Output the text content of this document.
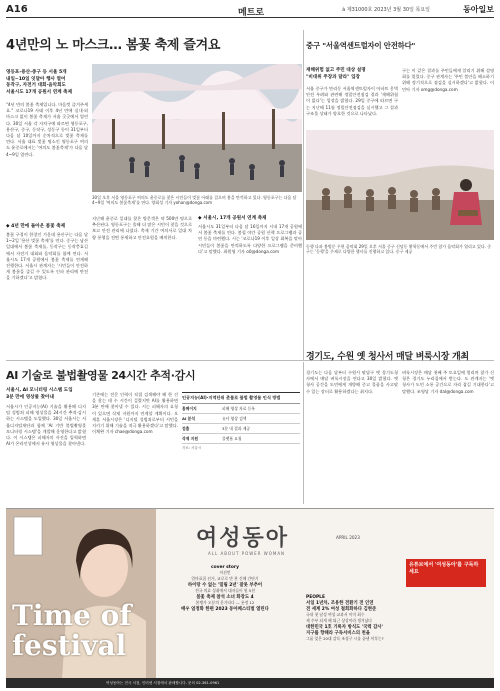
A16	메트로	à 제31000호 2023년 3월 30일 목요일	동아일보
4년만의 노 마스크… 봄꽃 축제 즐겨요
영등포-용산-중구 등 서울 5개
내일~10일 잇달아 행사 열어
동작구, 자전거 대회·음악회도
서울시도 17개 공원서 연계 축제
"4년 만의 봄꽃 축제입니다. 마음껏 즐겨주세요." 코로나19 사태 이후 4년 만에 실내·외 마스크 없이 봄꽃 축제가 서울 곳곳에서 열린다. 30일 서울 각 자치구에 따르면 영등포구, 용산구, 중구, 동작구, 성동구 등이 31일부터 다음 달 10일까지 순차적으로 벚꽃 축제를 연다. 서울 대표 벚꽃 명소인 영등포구 여의도 윤중로에서는 '여의도 봄꽃축제'가 다음 달 4~9일 열린다.
◆ 4년 만에 돌아온 봄꽃 축제
봄꽃 구경이 한창인 가운데 용산구는 다음 달 1~2일 '용산 벚꽃 축제'를 연다. 중구는 남산 일대에서 봄꽃 축제를, 동작구는 동작충효길에서 자전거 대회와 음악회를 함께 연다. 서울시도 17개 공원에서 봄꽃 축제를 연계해 진행한다. 서울시 관계자는 '시민들이 안전하게 봄꽃을 즐길 수 있도록 인파 관리에 만전을 기하겠다'고 밝혔다.
30일 오후 서울 영등포구 여의도 윤중로를 찾은 시민들이 벚꽃 아래를 걸으며 봄을 만끽하고 있다. 영등포구는 다음 달 4~9일 '여의도 봄꽃축제'를 연다. 양회성 기자 yohan@donga.com
지난해 윤중로 일대를 찾은 방문객은 약 500만 명으로 추산된다. 영등포구는 올해 더 많은 시민이 찾을 것으로 보고 안전 관리에 나섰다. 축제 기간 여의서로 일대 차량 통행을 전면 통제하고 안전요원을 배치한다.
◆ 서울시, 17개 공원서 연계 축제
서울시도 31일부터 다음 달 16일까지 시내 17개 공원에서 봄꽃 축제를 연다. 봄철 야간 공원 산책 프로그램과 공연 등을 마련했다. 시는 '코로나19 이후 일상 회복을 맞아 시민들이 봄꽃을 만끽하도록 다양한 프로그램을 준비했다'고 말했다. 최원영 기자 o0@donga.com
중구 "서울역센트럴자이 안전하다"
재해위험 없고 주민 대상 설명
"비대위 주장과 달라" 입장
서울 중구가 만리동 서울역센트럴자이 아파트 옹벽 안전 우려와 관련해 정밀안전점검 결과 '재해위험이 없다'는 입장을 밝혔다. 29일 중구에 따르면 구는 지난해 11월 정밀안전점검을 실시했고 그 결과 구조물 상태가 양호한 것으로 나타났다.
구는 이 같은 결과를 주민들에게 알리기 위해 설명회를 열었다. 중구 관계자는 '주민 불안을 해소하기 위해 정기적으로 점검을 실시하겠다'고 밝혔다. 이민아 기자 omg@donga.com
동행 다과 봄방문 우편 음악회 29일 오후 서울 중구 신당동 황학동에서 주민 참가 음악회가 열리고 있다. 중구는 '동행'을 주제로 다양한 행사를 진행하고 있다. 중구 제공
AI 기술로 불법촬영물 24시간 추적·감시
서울시, AI 모니터링 시스템 도입
3분 만에 영상물 찾아내
서울시가 인공지능(AI) 기술을 활용해 디지털 성범죄 피해 영상물을 24시간 추적·감시하는 시스템을 도입했다. 30일 서울시는 서울디지털재단과 함께 'AI 기반 불법촬영물 모니터링 시스템'을 개발해 운영한다고 밝혔다. 이 시스템은 피해자의 사진을 입력하면 AI가 온라인상에서 유사 영상물을 찾아낸다.
기존에는 전문 인력이 직접 검색해야 해 한 건을 찾는 데 수 시간이 걸렸지만 AI를 활용하면 3분 만에 찾아낼 수 있다. 시는 피해자의 요청이 있으면 삭제 지원까지 연계할 계획이다. 오세훈 서울시장은 '디지털 성범죄로부터 시민을 지키기 위해 기술을 적극 활용하겠다'고 말했다. 이채완 기자 chae@donga.com
인공지능(AI)·지역단위 촛불로 불법 촬영물 인식 방법
홈페이지	피해 영상 자료 등록
AI 분석	유사 영상 검색
검출	3분 내 결과 제공
삭제 지원	플랫폼 요청
자료: 서울시
경기도, 수원 옛 청사서 매달 벼룩시장 개최
경기도는 다음 달부터 수원시 팔달구 옛 경기도청사에서 매달 벼룩시장을 연다고 30일 밝혔다. 옛 청사 공간을 도민에게 개방해 중고 물품을 사고팔 수 있는 장터로 활용하겠다는 취지다.
벼룩시장은 매달 첫째 주 토요일에 열리며 참가 신청은 경기도 누리집에서 받는다. 도 관계자는 '옛 청사가 도민 소통 공간으로 자리 잡길 기대한다'고 말했다. 조영달 기자 dal@donga.com
Time of
festival
여성동아
ALL ABOUT POWER WOMAN
APRIL 2023
cover story
이선빈
엄마표집 선거, 교로로 만 찬 신메 간단기
하이랑 수 없는 '밀림 2년' 잘못 부추어
전국 의료 성취에서 대자들이 원 5천
봄꽃 축제 참석 소녀 화장도 4
봄쟁가 오분의 운기타다 — 롯정 12
배우 엄정화 한편 2023 동아페스티벌 열린다
유튜브에서 '여성동아'를 구독하세요
PEOPLE
서일 1년차, 조용한 전환기 전 인연
전 세계 2% 여성 철회화하다 김현준
국내 첫 남성 여성 교과서 이미 최수
제 주부 되게 해 퇴근 상상이라 생겨났다
대한민국 1호 기록자 방식도 '국력 감사'
지구를 향해라 구독서비스의 천을
그룹 잊은 20대 감독 조성구 시를 끝낸 이후는?
여성동아는 전국 서점, 인터넷 서점에서 판매합니다. 문의 02-361-0961
